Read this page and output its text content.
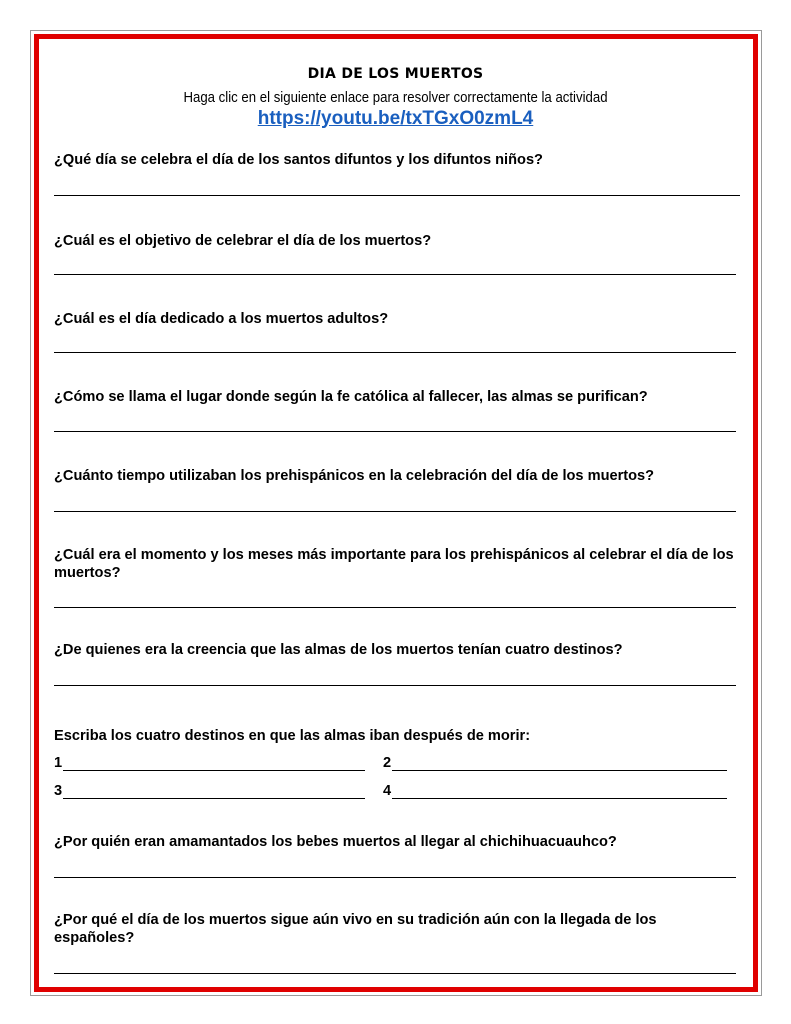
DIA DE LOS MUERTOS
Haga clic en el siguiente enlace para resolver correctamente la actividad
https://youtu.be/txTGxO0zmL4
¿Qué día se celebra el día de los santos difuntos y los difuntos niños?
¿Cuál es el objetivo de celebrar el día de los muertos?
¿Cuál es el día dedicado a los muertos adultos?
¿Cómo se llama el lugar donde según la fe católica al fallecer, las almas se purifican?
¿Cuánto tiempo utilizaban los prehispánicos en la celebración del día de los muertos?
¿Cuál era el momento y los meses más importante para los prehispánicos al celebrar el día de los muertos?
¿De quienes era la creencia que las almas de los muertos tenían cuatro destinos?
Escriba los cuatro destinos en que las almas iban después de morir:
1	2
3	4
¿Por quién eran amamantados los bebes muertos al llegar al chichihuacuauhco?
¿Por qué el día de los muertos sigue aún vivo en su tradición aún con la llegada de los españoles?
